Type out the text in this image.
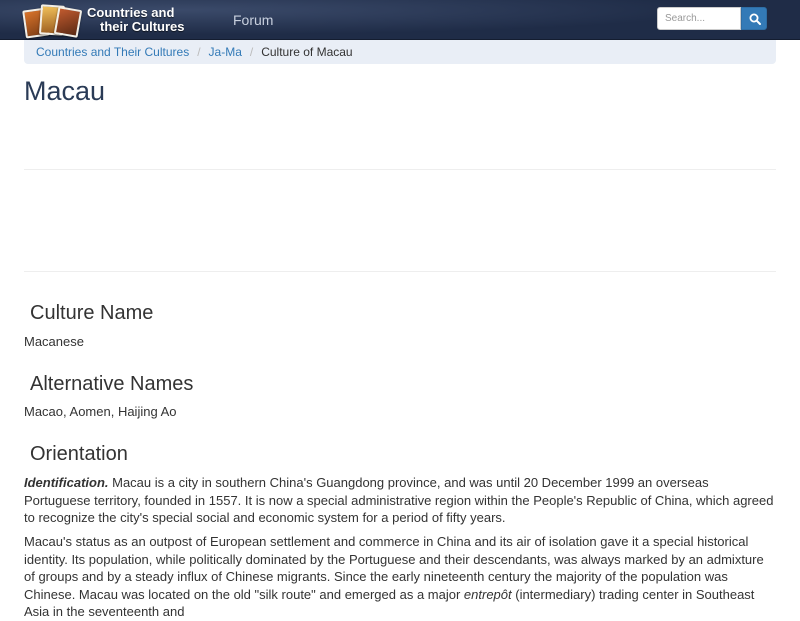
Countries and
their Cultures	Forum
Search...
Countries and Their Cultures / Ja-Ma / Culture of Macau
Macau
Culture Name

Macanese

Alternative Names

Macao, Aomen, Haijing Ao

Orientation

Identification. Macau is a city in southern China's Guangdong province, and was until 20 December 1999 an overseas Portuguese territory, founded in 1557. It is now a special administrative region within the People's Republic of China, which agreed to recognize the city's special social and economic system for a period of fifty years.

Macau's status as an outpost of European settlement and commerce in China and its air of isolation gave it a special historical identity. Its population, while politically dominated by the Portuguese and their descendants, was always marked by an admixture of groups and by a steady influx of Chinese migrants. Since the early nineteenth century the majority of the population was Chinese. Macau was located on the old "silk route" and emerged as a major entrepôt (intermediary) trading center in Southeast Asia in the seventeenth and
